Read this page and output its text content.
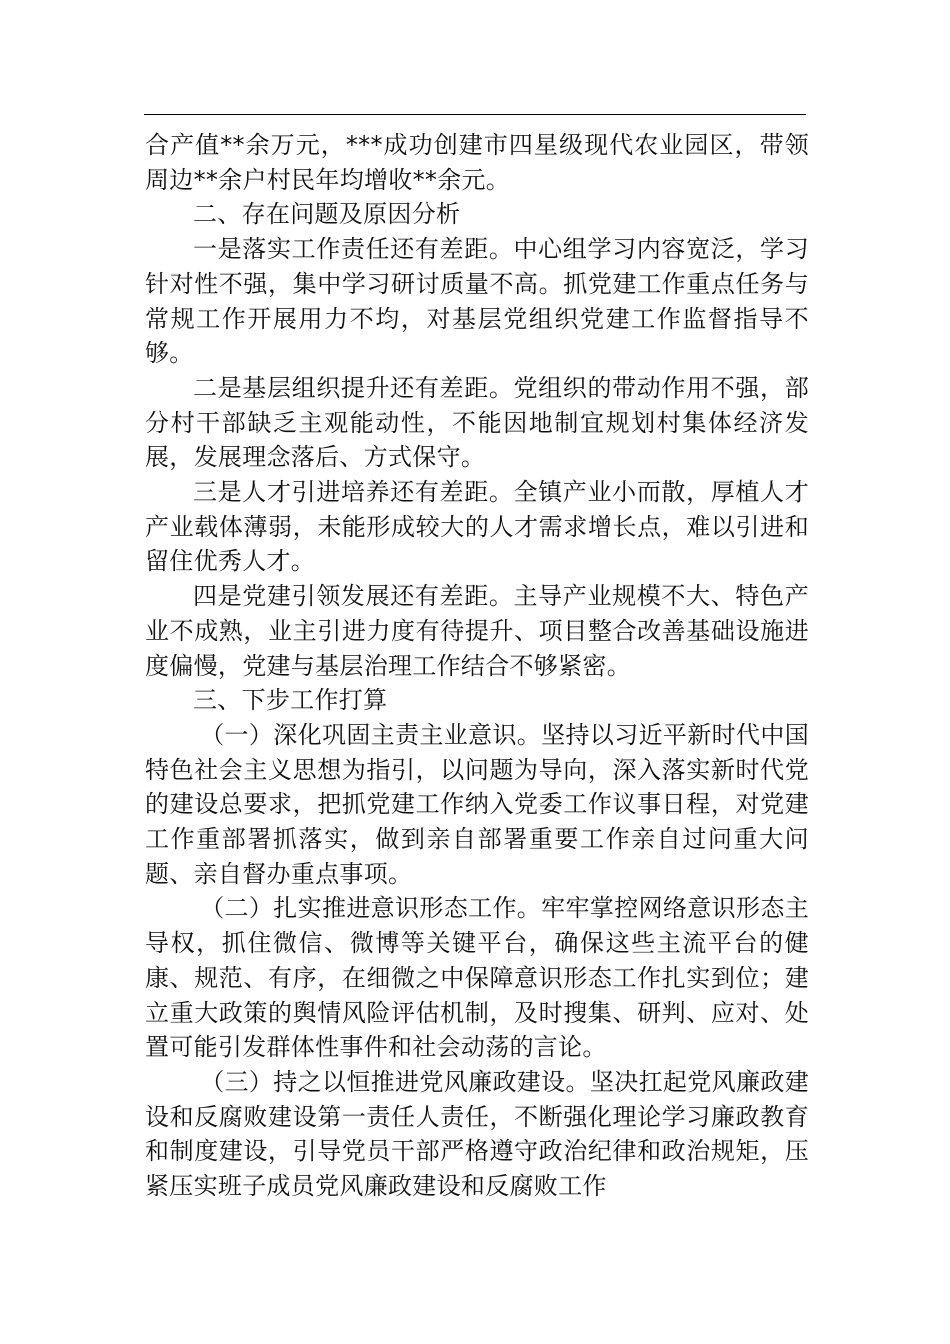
合产值**余万元，***成功创建市四星级现代农业园区，带领周边**余户村民年均增收**余元。

二、存在问题及原因分析

一是落实工作责任还有差距。中心组学习内容宽泛，学习针对性不强，集中学习研讨质量不高。抓党建工作重点任务与常规工作开展用力不均，对基层党组织党建工作监督指导不够。

二是基层组织提升还有差距。党组织的带动作用不强，部分村干部缺乏主观能动性，不能因地制宜规划村集体经济发展，发展理念落后、方式保守。

三是人才引进培养还有差距。全镇产业小而散，厚植人才产业载体薄弱，未能形成较大的人才需求增长点，难以引进和留住优秀人才。

四是党建引领发展还有差距。主导产业规模不大、特色产业不成熟，业主引进力度有待提升、项目整合改善基础设施进度偏慢，党建与基层治理工作结合不够紧密。

三、下步工作打算

（一）深化巩固主责主业意识。坚持以习近平新时代中国特色社会主义思想为指引，以问题为导向，深入落实新时代党的建设总要求，把抓党建工作纳入党委工作议事日程，对党建工作重部署抓落实，做到亲自部署重要工作亲自过问重大问题、亲自督办重点事项。

（二）扎实推进意识形态工作。牢牢掌控网络意识形态主导权，抓住微信、微博等关键平台，确保这些主流平台的健康、规范、有序，在细微之中保障意识形态工作扎实到位；建立重大政策的舆情风险评估机制，及时搜集、研判、应对、处置可能引发群体性事件和社会动荡的言论。

（三）持之以恒推进党风廉政建设。坚决扛起党风廉政建设和反腐败建设第一责任人责任，不断强化理论学习廉政教育和制度建设，引导党员干部严格遵守政治纪律和政治规矩，压紧压实班子成员党风廉政建设和反腐败工作
